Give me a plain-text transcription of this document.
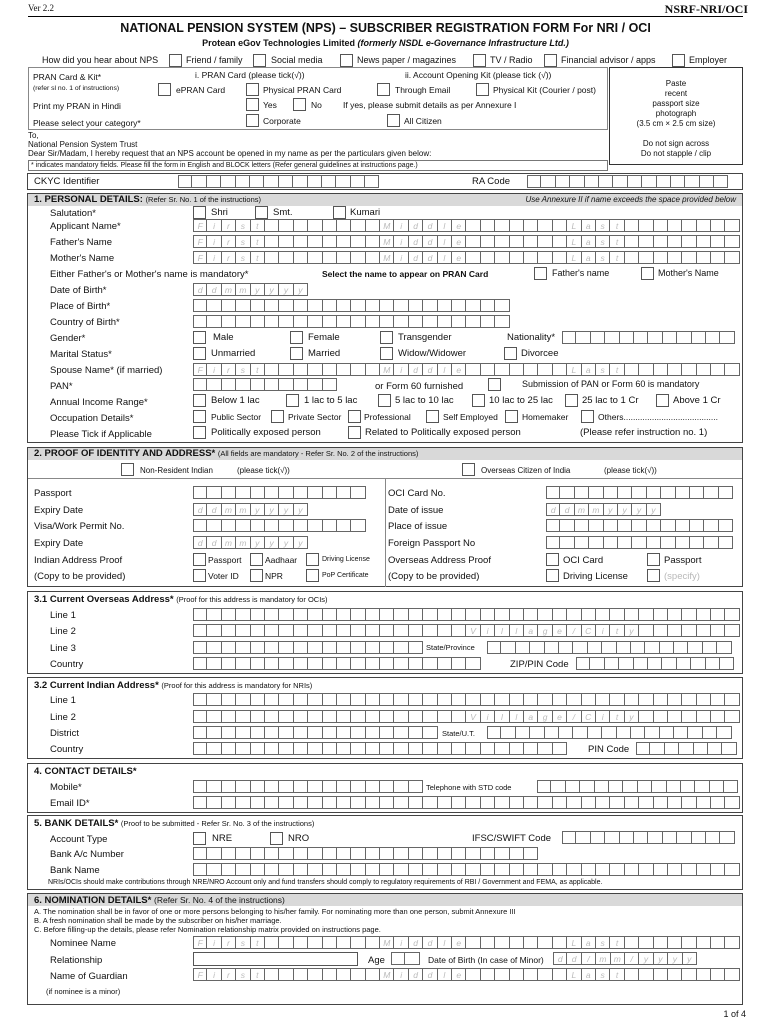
Ver 2.2	NSRF-NRI/OCI
NATIONAL PENSION SYSTEM (NPS) – SUBSCRIBER REGISTRATION FORM For NRI / OCI
Protean eGov Technologies Limited (formerly NSDL e-Governance Infrastructure Ltd.)
How did you hear about NPS	Friend / family	Social media	News paper / magazines	TV / Radio	Financial advisor / apps	Employer
PRAN Card & Kit*
(refer sl no. 1 of instructions)
i. PRAN Card (please tick(√))	ii. Account Opening Kit (please tick (√))
ePRAN Card	Physical PRAN Card	Through Email	Physical Kit (Courier / post)
Print my PRAN in Hindi	Yes	No If yes, please submit details as per Annexure I
Please select your category*	Corporate	All Citizen
Paste
recent
passport size
photograph
(3.5 cm × 2.5 cm size)
Do not sign across
Do not stapple / clip
To,
National Pension System Trust
Dear Sir/Madam, I hereby request that an NPS account be opened in my name as per the particulars given below:
* indicates mandatory fields. Please fill the form in English and BLOCK letters (Refer general guidelines at instructions page.)
CKYC Identifier	RA Code
1. PERSONAL DETAILS: (Refer Sr. No. 1 of the instructions)	Use Annexure II if name exceeds the space provided below
Salutation*	Shri	Smt.	Kumari
Applicant Name*	F	i	r	s	t	M	i	d	d	l	e	L	a	s	t
Father's Name	F	i	r	s	t	M	i	d	d	l	e	L	a	s	t
Mother's Name	F	i	r	s	t	M	i	d	d	l	e	L	a	s	t
Either Father's or Mother's name is mandatory*	Select the name to appear on PRAN Card	Father's name	Mother's Name
Date of Birth*	d	d m m	y	y	y	y
Place of Birth*
Country of Birth*
Gender*	Male	Female	Transgender	Nationality*
Marital Status*	Unmarried	Married	Widow/Widower	Divorcee
Spouse Name* (if married)	F	i	r	s	t	M	i	d	d	l	e	L	a	s	t
PAN*	or Form 60 furnished	Submission of PAN or Form 60 is mandatory
Annual Income Range*	Below 1 lac	1 lac to 5 lac	5 lac to 10 lac	10 lac to 25 lac	25 lac to 1 Cr	Above 1 Cr
Occupation Details*	Public Sector	Private Sector	Professional	Self Employed	Homemaker	Others........................................
Please Tick if Applicable	Politically exposed person	Related to Politically exposed person	(Please refer instruction no. 1)
2. PROOF OF IDENTITY AND ADDRESS* (All fields are mandatory - Refer Sr. No. 2 of the instructions)
Non-Resident Indian	(please tick(√))	Overseas Citizen of India	(please tick(√))
Passport
Expiry Date	d	d m m	y	y	y	y
Visa/Work Permit No.
Expiry Date	d	d m m	y	y	y	y
Indian Address Proof
(Copy to be provided)
Passport	Aadhaar	Driving License
Voter ID	NPR	PoP Certificate
OCI Card No.
Date of issue	d	d m m	y	y	y	y
Place of issue
Foreign Passport No
Overseas Address Proof
(Copy to be provided)
OCI Card	Passport
Driving License	(specify)
3.1 Current Overseas Address* (Proof for this address is mandatory for OCIs)
Line 1
Line 2	V	i	l	l	a	g	e	/	C	i	t	y
Line 3	State/Province
Country	ZIP/PIN Code
3.2 Current Indian Address* (Proof for this address is mandatory for NRIs)
Line 1
Line 2	V	i	l	l	a	g	e	/	C	i	t	y
District	State/U.T.
Country	PIN Code
4. CONTACT DETAILS*
Mobile*	Telephone with STD code
Email ID*
5. BANK DETAILS* (Proof to be submitted - Refer Sr. No. 3 of the instructions)
Account Type	NRE	NRO	IFSC/SWIFT Code
Bank A/c Number
Bank Name
NRIs/OCIs should make contributions through NRE/NRO Account only and fund transfers should comply to regulatory requirements of RBI / Government and FEMA, as applicable.
6. NOMINATION DETAILS* (Refer Sr. No. 4 of the instructions)
A. The nomination shall be in favor of one or more persons belonging to his/her family. For nominating more than one person, submit Annexure III
B. A fresh nomination shall be made by the subscriber on his/her marriage.
C. Before filling-up the details, please refer Nomination relationship matrix provided on instructions page.
Nominee Name	F	i	r	s	t	M	i	d	d	l	e	L	a	s	t
Relationship	Age	Date of Birth (In case of Minor)	d	d	/	m m	/	y	y	y	y
Name of Guardian	F	i	r	s	t	M	i	d	d	l	e	L	a	s	t
(if nominee is a minor)
1 of 4
